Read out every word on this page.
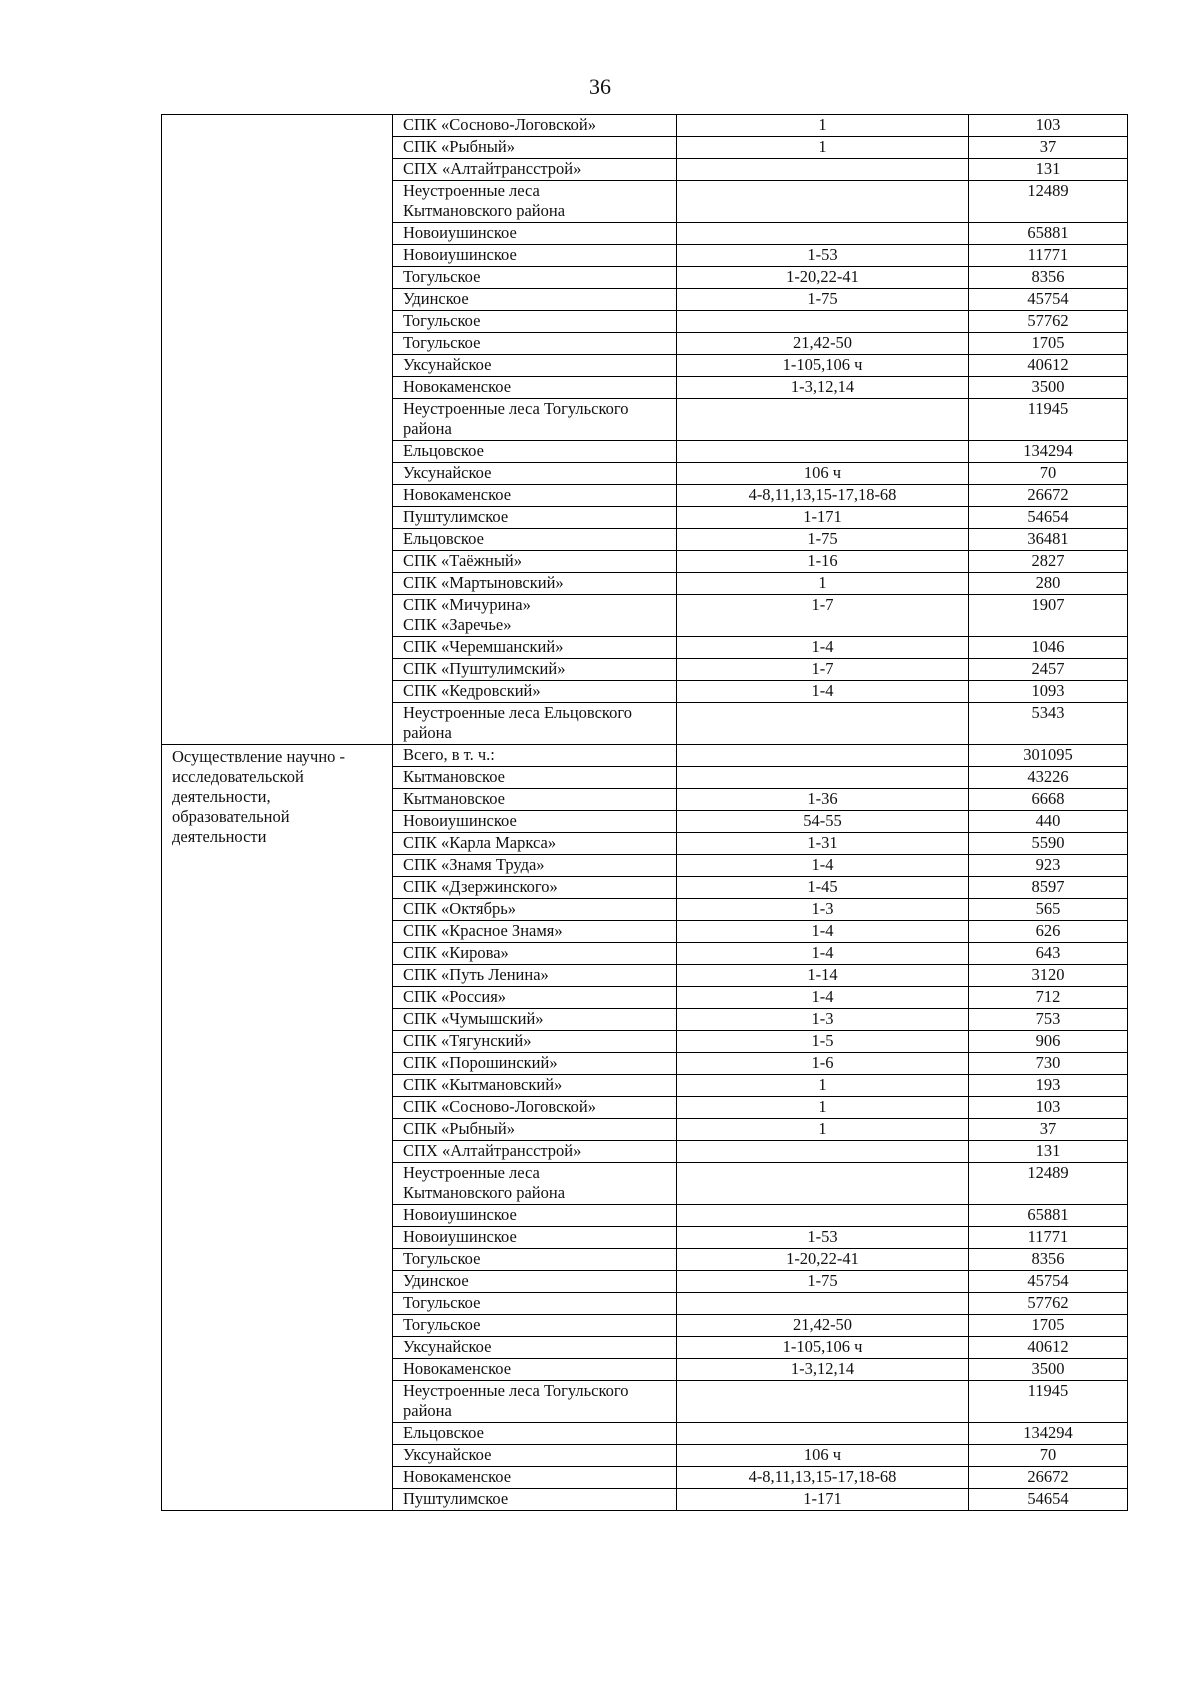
36
	СПК «Сосново-Логовской»	1	103
	СПК «Рыбный»	1	37
	СПХ «Алтайтрансстрой»		131
	Неустроенные леса
Кытмановского района		12489
	Новоиушинское		65881
	Новоиушинское	1-53	11771
	Тогульское	1-20,22-41	8356
	Удинское	1-75	45754
	Тогульское		57762
	Тогульское	21,42-50	1705
	Уксунайское	1-105,106 ч	40612
	Новокаменское	1-3,12,14	3500
	Неустроенные леса Тогульского
района		11945
	Ельцовское		134294
	Уксунайское	106 ч	70
	Новокаменское	4-8,11,13,15-17,18-68	26672
	Пуштулимское	1-171	54654
	Ельцовское	1-75	36481
	СПК «Таёжный»	1-16	2827
	СПК «Мартыновский»	1	280
	СПК «Мичурина»
СПК «Заречье»	1-7	1907
	СПК «Черемшанский»	1-4	1046
	СПК «Пуштулимский»	1-7	2457
	СПК «Кедровский»	1-4	1093
	Неустроенные леса Ельцовского
района		5343
Осуществление научно -
исследовательской
деятельности,
образовательной
деятельности	Всего, в т. ч.:		301095
	Кытмановское		43226
	Кытмановское	1-36	6668
	Новоиушинское	54-55	440
	СПК «Карла Маркса»	1-31	5590
	СПК «Знамя Труда»	1-4	923
	СПК «Дзержинского»	1-45	8597
	СПК «Октябрь»	1-3	565
	СПК «Красное Знамя»	1-4	626
	СПК «Кирова»	1-4	643
	СПК «Путь Ленина»	1-14	3120
	СПК «Россия»	1-4	712
	СПК «Чумышский»	1-3	753
	СПК «Тягунский»	1-5	906
	СПК «Порошинский»	1-6	730
	СПК «Кытмановский»	1	193
	СПК «Сосново-Логовской»	1	103
	СПК «Рыбный»	1	37
	СПХ «Алтайтрансстрой»		131
	Неустроенные леса
Кытмановского района		12489
	Новоиушинское		65881
	Новоиушинское	1-53	11771
	Тогульское	1-20,22-41	8356
	Удинское	1-75	45754
	Тогульское		57762
	Тогульское	21,42-50	1705
	Уксунайское	1-105,106 ч	40612
	Новокаменское	1-3,12,14	3500
	Неустроенные леса Тогульского
района		11945
	Ельцовское		134294
	Уксунайское	106 ч	70
	Новокаменское	4-8,11,13,15-17,18-68	26672
	Пуштулимское	1-171	54654
